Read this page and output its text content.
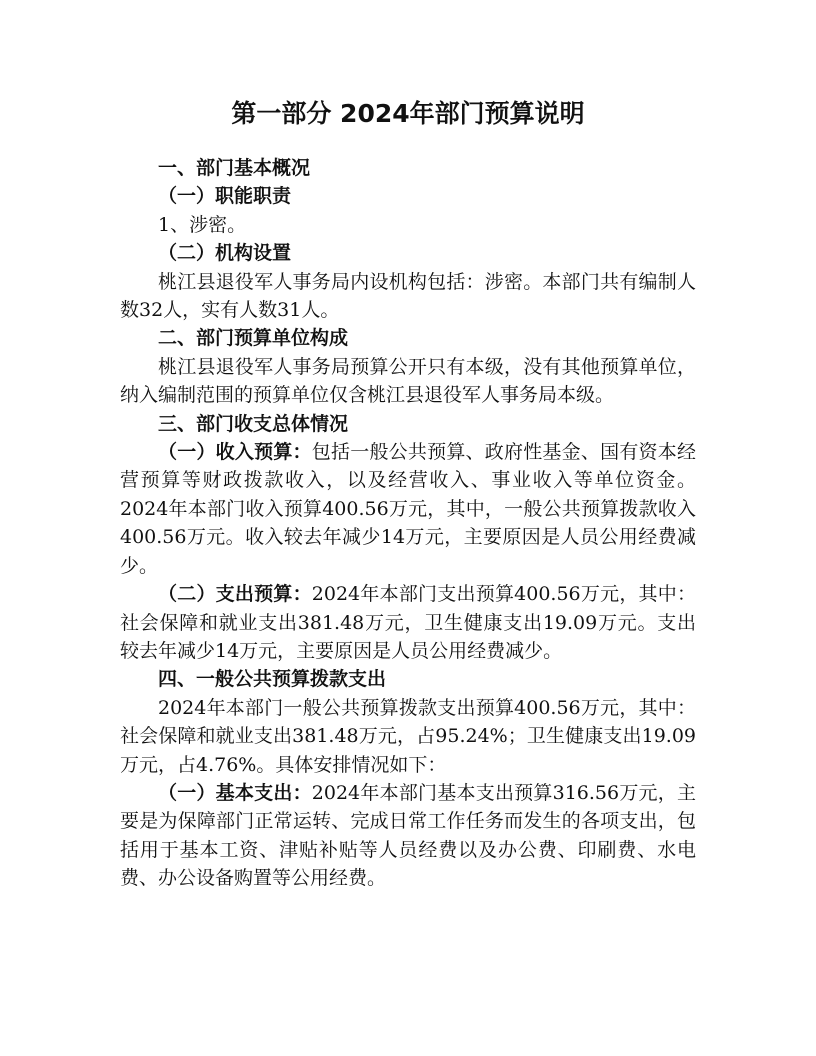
第一部分 2024年部门预算说明

一、部门基本概况

（一）职能职责

1、涉密。

（二）机构设置

桃江县退役军人事务局内设机构包括：涉密。本部门共有编制人数32人，实有人数31人。

二、部门预算单位构成

桃江县退役军人事务局预算公开只有本级，没有其他预算单位，纳入编制范围的预算单位仅含桃江县退役军人事务局本级。

三、部门收支总体情况

（一）收入预算：包括一般公共预算、政府性基金、国有资本经营预算等财政拨款收入，以及经营收入、事业收入等单位资金。2024年本部门收入预算400.56万元，其中，一般公共预算拨款收入400.56万元。收入较去年减少14万元，主要原因是人员公用经费减少。

（二）支出预算：2024年本部门支出预算400.56万元，其中：社会保障和就业支出381.48万元，卫生健康支出19.09万元。支出较去年减少14万元，主要原因是人员公用经费减少。

四、一般公共预算拨款支出

2024年本部门一般公共预算拨款支出预算400.56万元，其中：社会保障和就业支出381.48万元，占95.24%；卫生健康支出19.09万元，占4.76%。具体安排情况如下：

（一）基本支出：2024年本部门基本支出预算316.56万元，主要是为保障部门正常运转、完成日常工作任务而发生的各项支出，包括用于基本工资、津贴补贴等人员经费以及办公费、印刷费、水电费、办公设备购置等公用经费。
